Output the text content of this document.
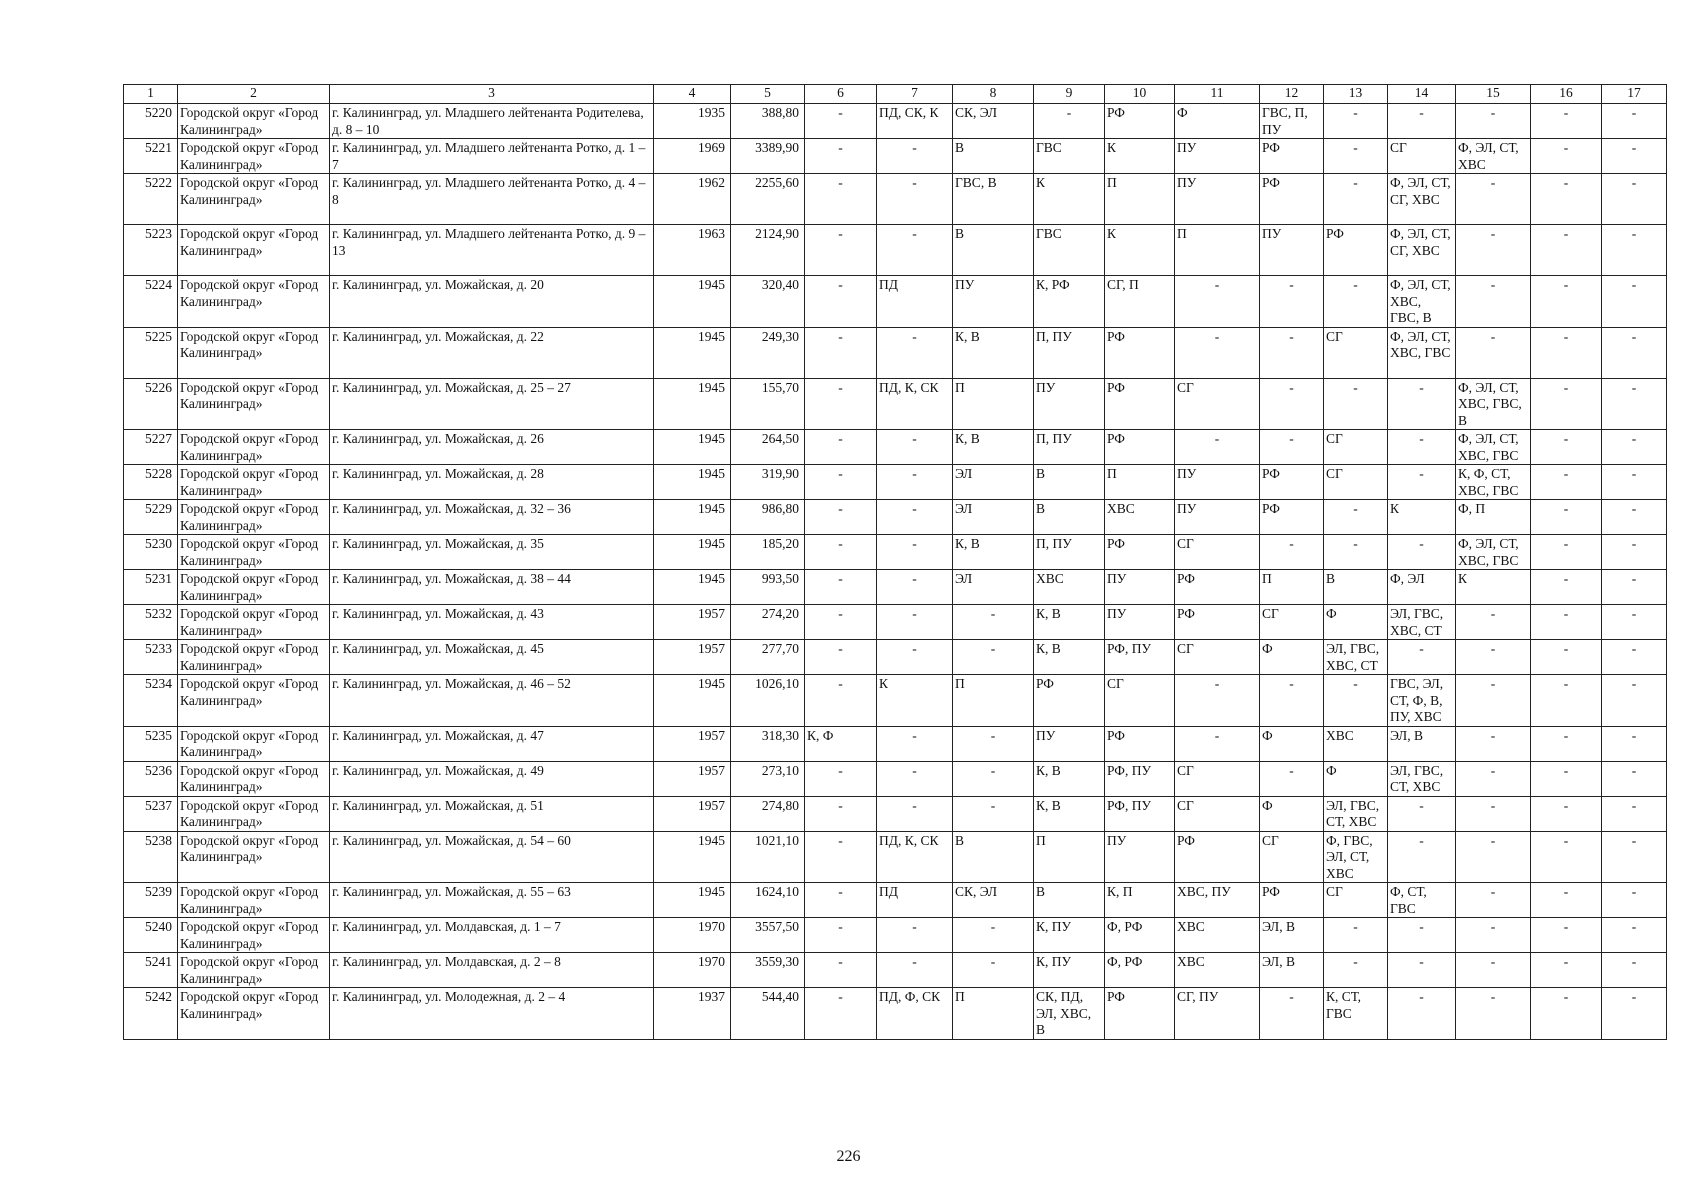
1	2	3	4	5	6	7	8	9	10	11	12	13	14	15	16	17
5220	Городской округ «Город Калининград»	г. Калининград, ул. Младшего лейтенанта Родителева, д. 8 – 10	1935	388,80	-	ПД, СК, К	СК, ЭЛ	-	РФ	Ф	ГВС, П, ПУ	-	-	-	-	-
5221	Городской округ «Город Калининград»	г. Калининград, ул. Младшего лейтенанта Ротко, д. 1 – 7	1969	3389,90	-	-	В	ГВС	К	ПУ	РФ	-	СГ	Ф, ЭЛ, СТ, ХВС	-	-
5222	Городской округ «Город Калининград»	г. Калининград, ул. Младшего лейтенанта Ротко, д. 4 – 8	1962	2255,60	-	-	ГВС, В	К	П	ПУ	РФ	-	Ф, ЭЛ, СТ, СГ, ХВС	-	-	-
5223	Городской округ «Город Калининград»	г. Калининград, ул. Младшего лейтенанта Ротко, д. 9 – 13	1963	2124,90	-	-	В	ГВС	К	П	ПУ	РФ	Ф, ЭЛ, СТ, СГ, ХВС	-	-	-
5224	Городской округ «Город Калининград»	г. Калининград, ул. Можайская, д. 20	1945	320,40	-	ПД	ПУ	К, РФ	СГ, П	-	-	-	Ф, ЭЛ, СТ, ХВС, ГВС, В	-	-	-
5225	Городской округ «Город Калининград»	г. Калининград, ул. Можайская, д. 22	1945	249,30	-	-	К, В	П, ПУ	РФ	-	-	СГ	Ф, ЭЛ, СТ, ХВС, ГВС	-	-	-
5226	Городской округ «Город Калининград»	г. Калининград, ул. Можайская, д. 25 – 27	1945	155,70	-	ПД, К, СК	П	ПУ	РФ	СГ	-	-	-	Ф, ЭЛ, СТ, ХВС, ГВС, В	-	-
5227	Городской округ «Город Калининград»	г. Калининград, ул. Можайская, д. 26	1945	264,50	-	-	К, В	П, ПУ	РФ	-	-	СГ	-	Ф, ЭЛ, СТ, ХВС, ГВС	-	-
5228	Городской округ «Город Калининград»	г. Калининград, ул. Можайская, д. 28	1945	319,90	-	-	ЭЛ	В	П	ПУ	РФ	СГ	-	К, Ф, СТ, ХВС, ГВС	-	-
5229	Городской округ «Город Калининград»	г. Калининград, ул. Можайская, д. 32 – 36	1945	986,80	-	-	ЭЛ	В	ХВС	ПУ	РФ	-	К	Ф, П	-	-
5230	Городской округ «Город Калининград»	г. Калининград, ул. Можайская, д. 35	1945	185,20	-	-	К, В	П, ПУ	РФ	СГ	-	-	-	Ф, ЭЛ, СТ, ХВС, ГВС	-	-
5231	Городской округ «Город Калининград»	г. Калининград, ул. Можайская, д. 38 – 44	1945	993,50	-	-	ЭЛ	ХВС	ПУ	РФ	П	В	Ф, ЭЛ	К	-	-
5232	Городской округ «Город Калининград»	г. Калининград, ул. Можайская, д. 43	1957	274,20	-	-	-	К, В	ПУ	РФ	СГ	Ф	ЭЛ, ГВС, ХВС, СТ	-	-	-
5233	Городской округ «Город Калининград»	г. Калининград, ул. Можайская, д. 45	1957	277,70	-	-	-	К, В	РФ, ПУ	СГ	Ф	ЭЛ, ГВС, ХВС, СТ	-	-	-	-
5234	Городской округ «Город Калининград»	г. Калининград, ул. Можайская, д. 46 – 52	1945	1026,10	-	К	П	РФ	СГ	-	-	-	ГВС, ЭЛ, СТ, Ф, В, ПУ, ХВС	-	-	-
5235	Городской округ «Город Калининград»	г. Калининград, ул. Можайская, д. 47	1957	318,30	К, Ф	-	-	ПУ	РФ	-	Ф	ХВС	ЭЛ, В	-	-	-
5236	Городской округ «Город Калининград»	г. Калининград, ул. Можайская, д. 49	1957	273,10	-	-	-	К, В	РФ, ПУ	СГ	-	Ф	ЭЛ, ГВС, СТ, ХВС	-	-	-
5237	Городской округ «Город Калининград»	г. Калининград, ул. Можайская, д. 51	1957	274,80	-	-	-	К, В	РФ, ПУ	СГ	Ф	ЭЛ, ГВС, СТ, ХВС	-	-	-	-
5238	Городской округ «Город Калининград»	г. Калининград, ул. Можайская, д. 54 – 60	1945	1021,10	-	ПД, К, СК	В	П	ПУ	РФ	СГ	Ф, ГВС, ЭЛ, СТ, ХВС	-	-	-	-
5239	Городской округ «Город Калининград»	г. Калининград, ул. Можайская, д. 55 – 63	1945	1624,10	-	ПД	СК, ЭЛ	В	К, П	ХВС, ПУ	РФ	СГ	Ф, СТ, ГВС	-	-	-
5240	Городской округ «Город Калининград»	г. Калининград, ул. Молдавская, д. 1 – 7	1970	3557,50	-	-	-	К, ПУ	Ф, РФ	ХВС	ЭЛ, В	-	-	-	-	-
5241	Городской округ «Город Калининград»	г. Калининград, ул. Молдавская, д. 2 – 8	1970	3559,30	-	-	-	К, ПУ	Ф, РФ	ХВС	ЭЛ, В	-	-	-	-	-
5242	Городской округ «Город Калининград»	г. Калининград, ул. Молодежная, д. 2 – 4	1937	544,40	-	ПД, Ф, СК	П	СК, ПД, ЭЛ, ХВС, В	РФ	СГ, ПУ	-	К, СТ, ГВС	-	-	-	-
226
